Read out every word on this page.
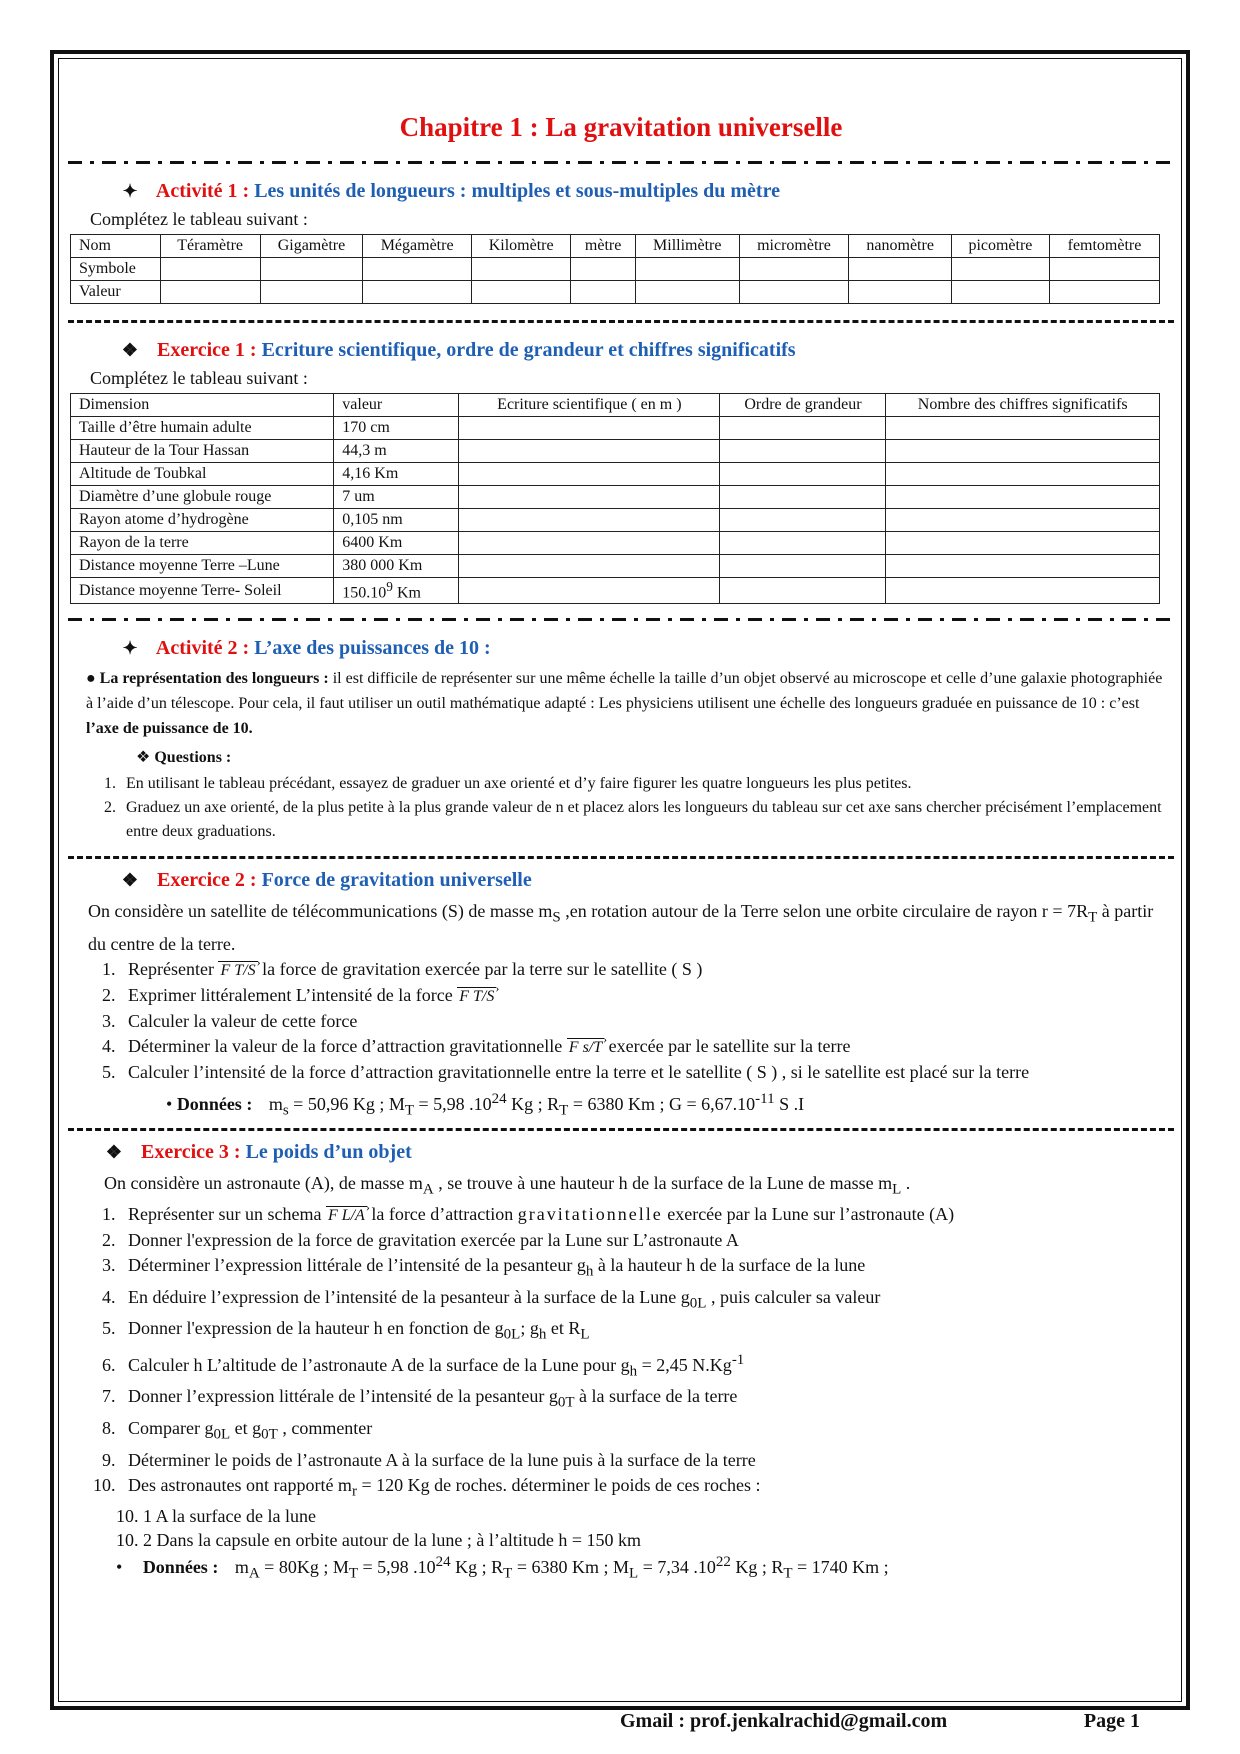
Chapitre 1 : La gravitation universelle
✦ Activité 1 : Les unités de longueurs : multiples et sous-multiples du mètre
Complétez le tableau suivant :
Nom	Téramètre	Gigamètre	Mégamètre	Kilomètre	mètre	Millimètre	micromètre	nanomètre	picomètre	femtomètre
Symbole										
Valeur										
❖ Exercice 1 : Ecriture scientifique, ordre de grandeur et chiffres significatifs
Complétez le tableau suivant :
Dimension	valeur	Ecriture scientifique ( en m )	Ordre de grandeur	Nombre des chiffres significatifs
Taille d’être humain adulte	170 cm			
Hauteur de la Tour Hassan	44,3 m			
Altitude de Toubkal	4,16 Km			
Diamètre d’une globule rouge	7 um			
Rayon atome d’hydrogène	0,105 nm			
Rayon de la terre	6400 Km			
Distance moyenne Terre –Lune	380 000 Km			
Distance moyenne Terre- Soleil	150.10$^9$ Km			
✦ Activité 2 : L’axe des puissances de 10 :
● La représentation des longueurs : il est difficile de représenter sur une même échelle la taille d’un objet observé au microscope et celle d’une galaxie photographiée à l’aide d’un télescope. Pour cela, il faut utiliser un outil mathématique adapté : Les physiciens utilisent une échelle des longueurs graduée en puissance de 10 : c’est l’axe de puissance de 10.
❖ Questions :
1. En utilisant le tableau précédant, essayez de graduer un axe orienté et d’y faire figurer les quatre longueurs les plus petites.
2. Graduez un axe orienté, de la plus petite à la plus grande valeur de n et placez alors les longueurs du tableau sur cet axe sans chercher précisément l’emplacement entre deux graduations.
❖ Exercice 2 : Force de gravitation universelle
On considère un satellite de télécommunications (S) de masse $m_S$ ,en rotation autour de la Terre selon une orbite circulaire de rayon $r = 7R_T$ à partir du centre de la terre.
1. Représenter F T/S › la force de gravitation exercée par la terre sur le satellite ( S )
2. Exprimer littéralement L’intensité de la force F T/S ›
3. Calculer la valeur de cette force
4. Déterminer la valeur de la force d’attraction gravitationnelle F s/T › exercée par le satellite sur la terre
5. Calculer l’intensité de la force d’attraction gravitationnelle entre la terre et le satellite ( S ) , si le satellite est placé sur la terre
• Données : $m_s = 50,96$ Kg ; $M_T = 5,98$ $.10^{24}$ Kg ; $R_T = 6380$ Km ; $G = 6,67.10^{-11}$ S .I
❖ Exercice 3 : Le poids d’un objet
On considère un astronaute (A), de masse $m_A$ , se trouve à une hauteur h de la surface de la Lune de masse $m_L$ .
1. Représenter sur un schema F L/A › la force d’attraction gravitationnelle exercée par la Lune sur l’astronaute (A)
2. Donner l'expression de la force de gravitation exercée par la Lune sur L’astronaute A
3. Déterminer l’expression littérale de l’intensité de la pesanteur $g_h$ à la hauteur h de la surface de la lune
4. En déduire l’expression de l’intensité de la pesanteur à la surface de la Lune $g_{0L}$ , puis calculer sa valeur
5. Donner l'expression de la hauteur h en fonction de $g_{0L}$; $g_h$ et $R_L$
6. Calculer h L’altitude de l’astronaute A de la surface de la Lune pour $g_h = 2,45$ $N.Kg^{-1}$
7. Donner l’expression littérale de l’intensité de la pesanteur $g_{0T}$ à la surface de la terre
8. Comparer $g_{0L}$ et $g_{0T}$ , commenter
9. Déterminer le poids de l’astronaute A à la surface de la lune puis à la surface de la terre
10. Des astronautes ont rapporté $m_r = 120$ Kg de roches. déterminer le poids de ces roches :
10. 1 A la surface de la lune
10. 2 Dans la capsule en orbite autour de la lune ; à l’altitude h = 150 km
• Données : $m_A = 80Kg$ ; $M_T = 5,98$ $.10^{24}$ Kg ; $R_T = 6380$ Km ; $M_L = 7,34$ $.10^{22}$ Kg ; $R_T = 1740$ Km ;
Gmail : prof.jenkalrachid@gmail.com	Page 1
